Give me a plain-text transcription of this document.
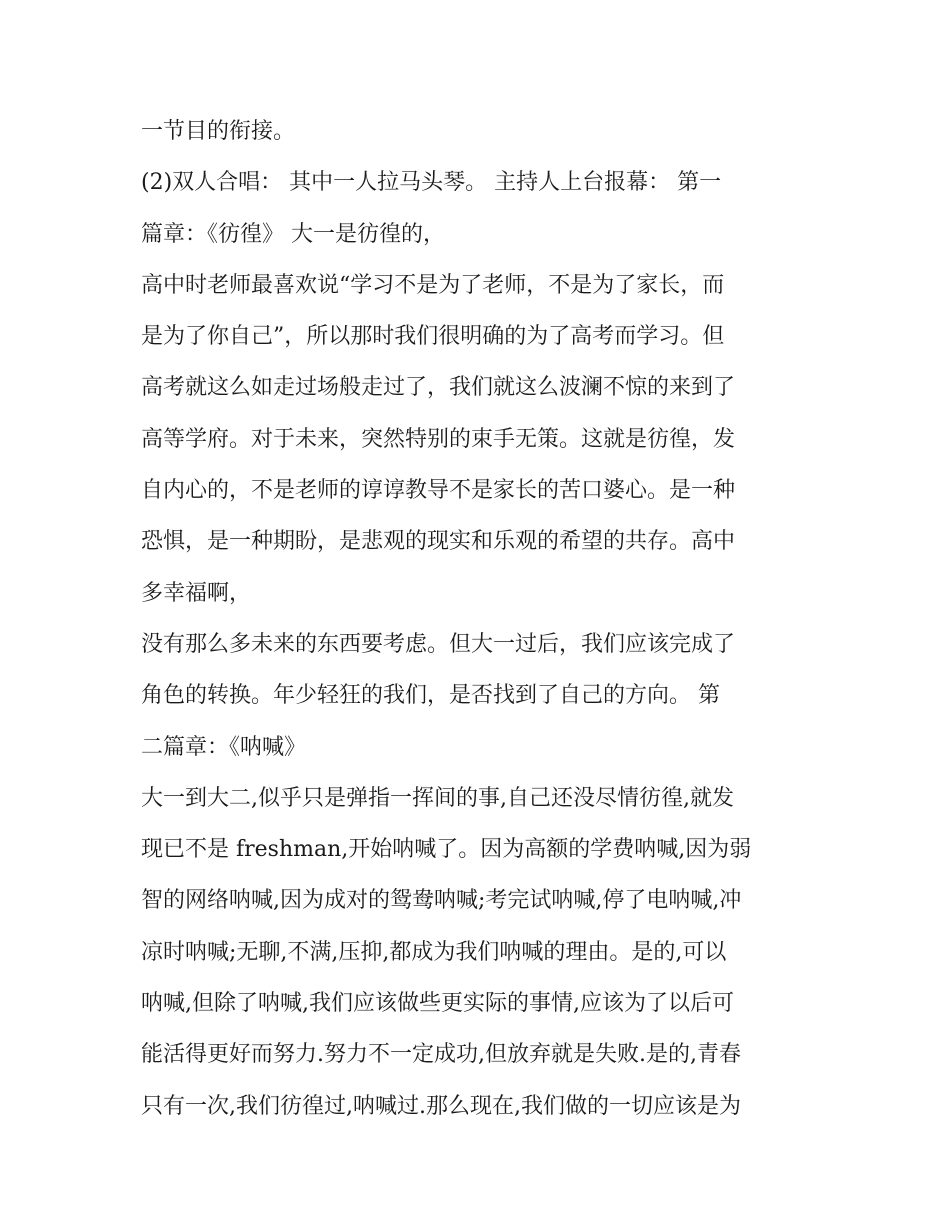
一节目的衔接。
(2)双人合唱： 其中一人拉马头琴。 主持人上台报幕： 第一
篇章：《彷徨》 大一是彷徨的，
高中时老师最喜欢说“学习不是为了老师，不是为了家长，而
是为了你自己”，所以那时我们很明确的为了高考而学习。但
高考就这么如走过场般走过了，我们就这么波澜不惊的来到了
高等学府。对于未来，突然特别的束手无策。这就是彷徨，发
自内心的，不是老师的谆谆教导不是家长的苦口婆心。是一种
恐惧，是一种期盼，是悲观的现实和乐观的希望的共存。高中
多幸福啊，
没有那么多未来的东西要考虑。但大一过后，我们应该完成了
角色的转换。年少轻狂的我们，是否找到了自己的方向。 第
二篇章：《呐喊》
大一到大二,似乎只是弹指一挥间的事,自己还没尽情彷徨,就发
现已不是 freshman,开始呐喊了。因为高额的学费呐喊,因为弱
智的网络呐喊,因为成对的鸳鸯呐喊;考完试呐喊,停了电呐喊,冲
凉时呐喊;无聊,不满,压抑,都成为我们呐喊的理由。是的,可以
呐喊,但除了呐喊,我们应该做些更实际的事情,应该为了以后可
能活得更好而努力.努力不一定成功,但放弃就是失败.是的,青春
只有一次,我们彷徨过,呐喊过.那么现在,我们做的一切应该是为
